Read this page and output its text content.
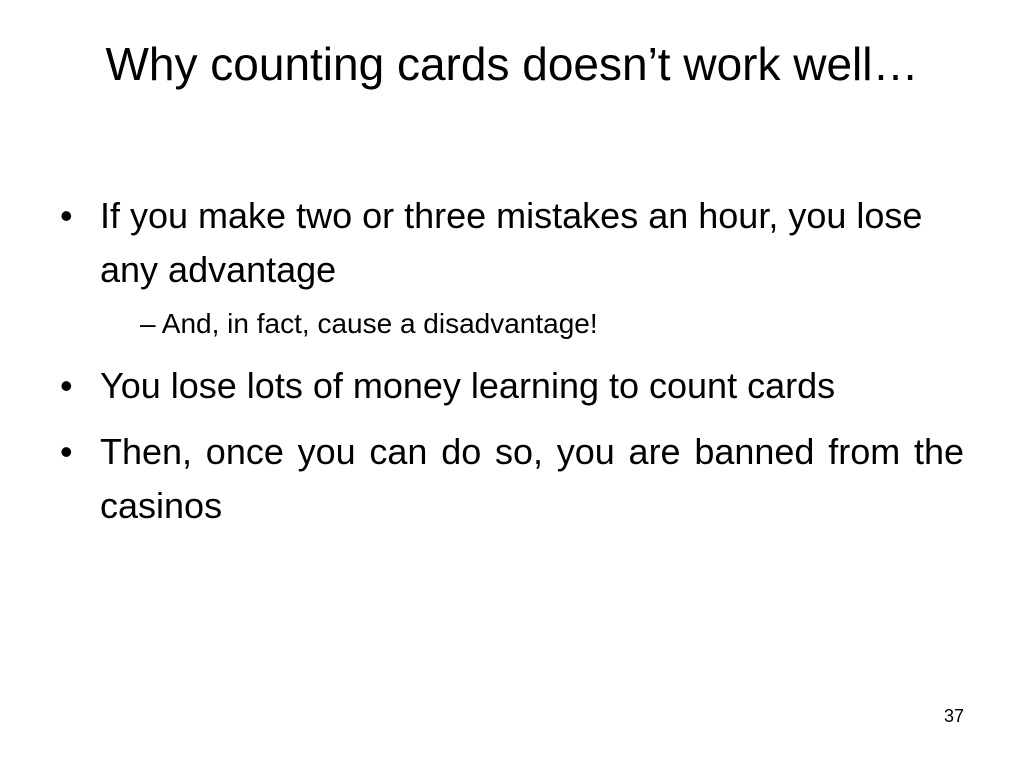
Why counting cards doesn’t work well…
• If you make two or three mistakes an hour, you lose any advantage
– And, in fact, cause a disadvantage!
• You lose lots of money learning to count cards
• Then, once you can do so, you are banned from the casinos
37
